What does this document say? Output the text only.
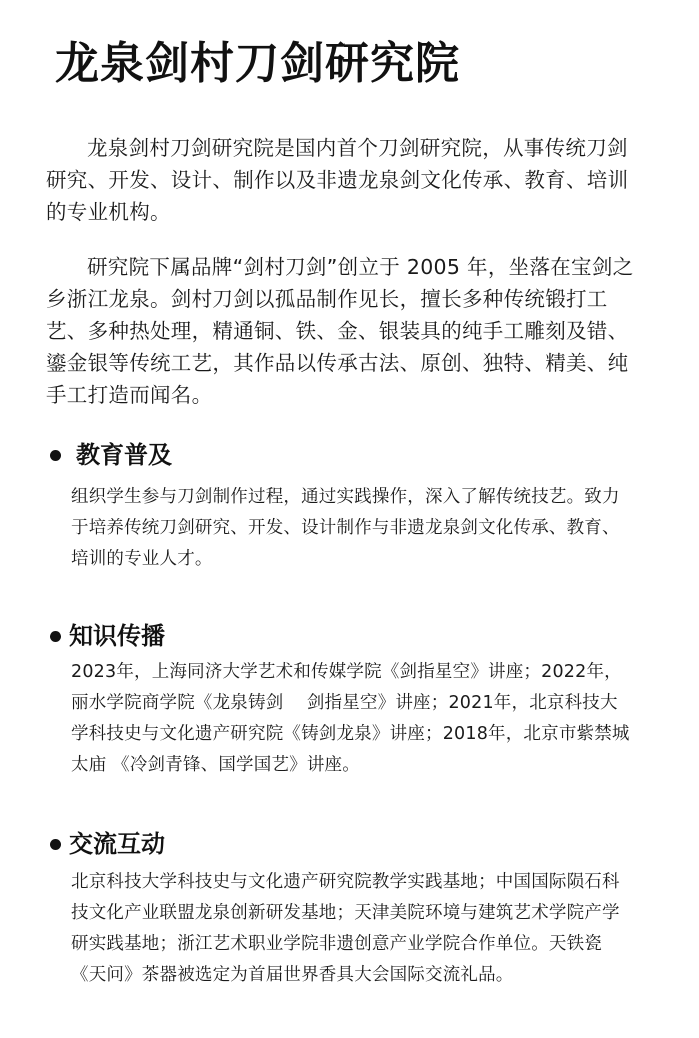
龙泉剑村刀剑研究院

龙泉剑村刀剑研究院是国内首个刀剑研究院，从事传统刀剑研究、开发、设计、制作以及非遗龙泉剑文化传承、教育、培训的专业机构。

研究院下属品牌“剑村刀剑”创立于 2005 年，坐落在宝剑之乡浙江龙泉。剑村刀剑以孤品制作见长，擅长多种传统锻打工艺、多种热处理，精通铜、铁、金、银装具的纯手工雕刻及错、鎏金银等传统工艺，其作品以传承古法、原创、独特、精美、纯手工打造而闻名。

教育普及

组织学生参与刀剑制作过程，通过实践操作，深入了解传统技艺。致力于培养传统刀剑研究、开发、设计制作与非遗龙泉剑文化传承、教育、培训的专业人才。

知识传播

2023年，上海同济大学艺术和传媒学院《剑指星空》讲座；2022年，丽水学院商学院《龙泉铸剑　 剑指星空》讲座；2021年，北京科技大学科技史与文化遗产研究院《铸剑龙泉》讲座；2018年，北京市紫禁城太庙 《冷剑青锋、国学国艺》讲座。

交流互动

北京科技大学科技史与文化遗产研究院教学实践基地；中国国际陨石科技文化产业联盟龙泉创新研发基地；天津美院环境与建筑艺术学院产学研实践基地；浙江艺术职业学院非遗创意产业学院合作单位。天铁瓷《天问》茶器被选定为首届世界香具大会国际交流礼品。
